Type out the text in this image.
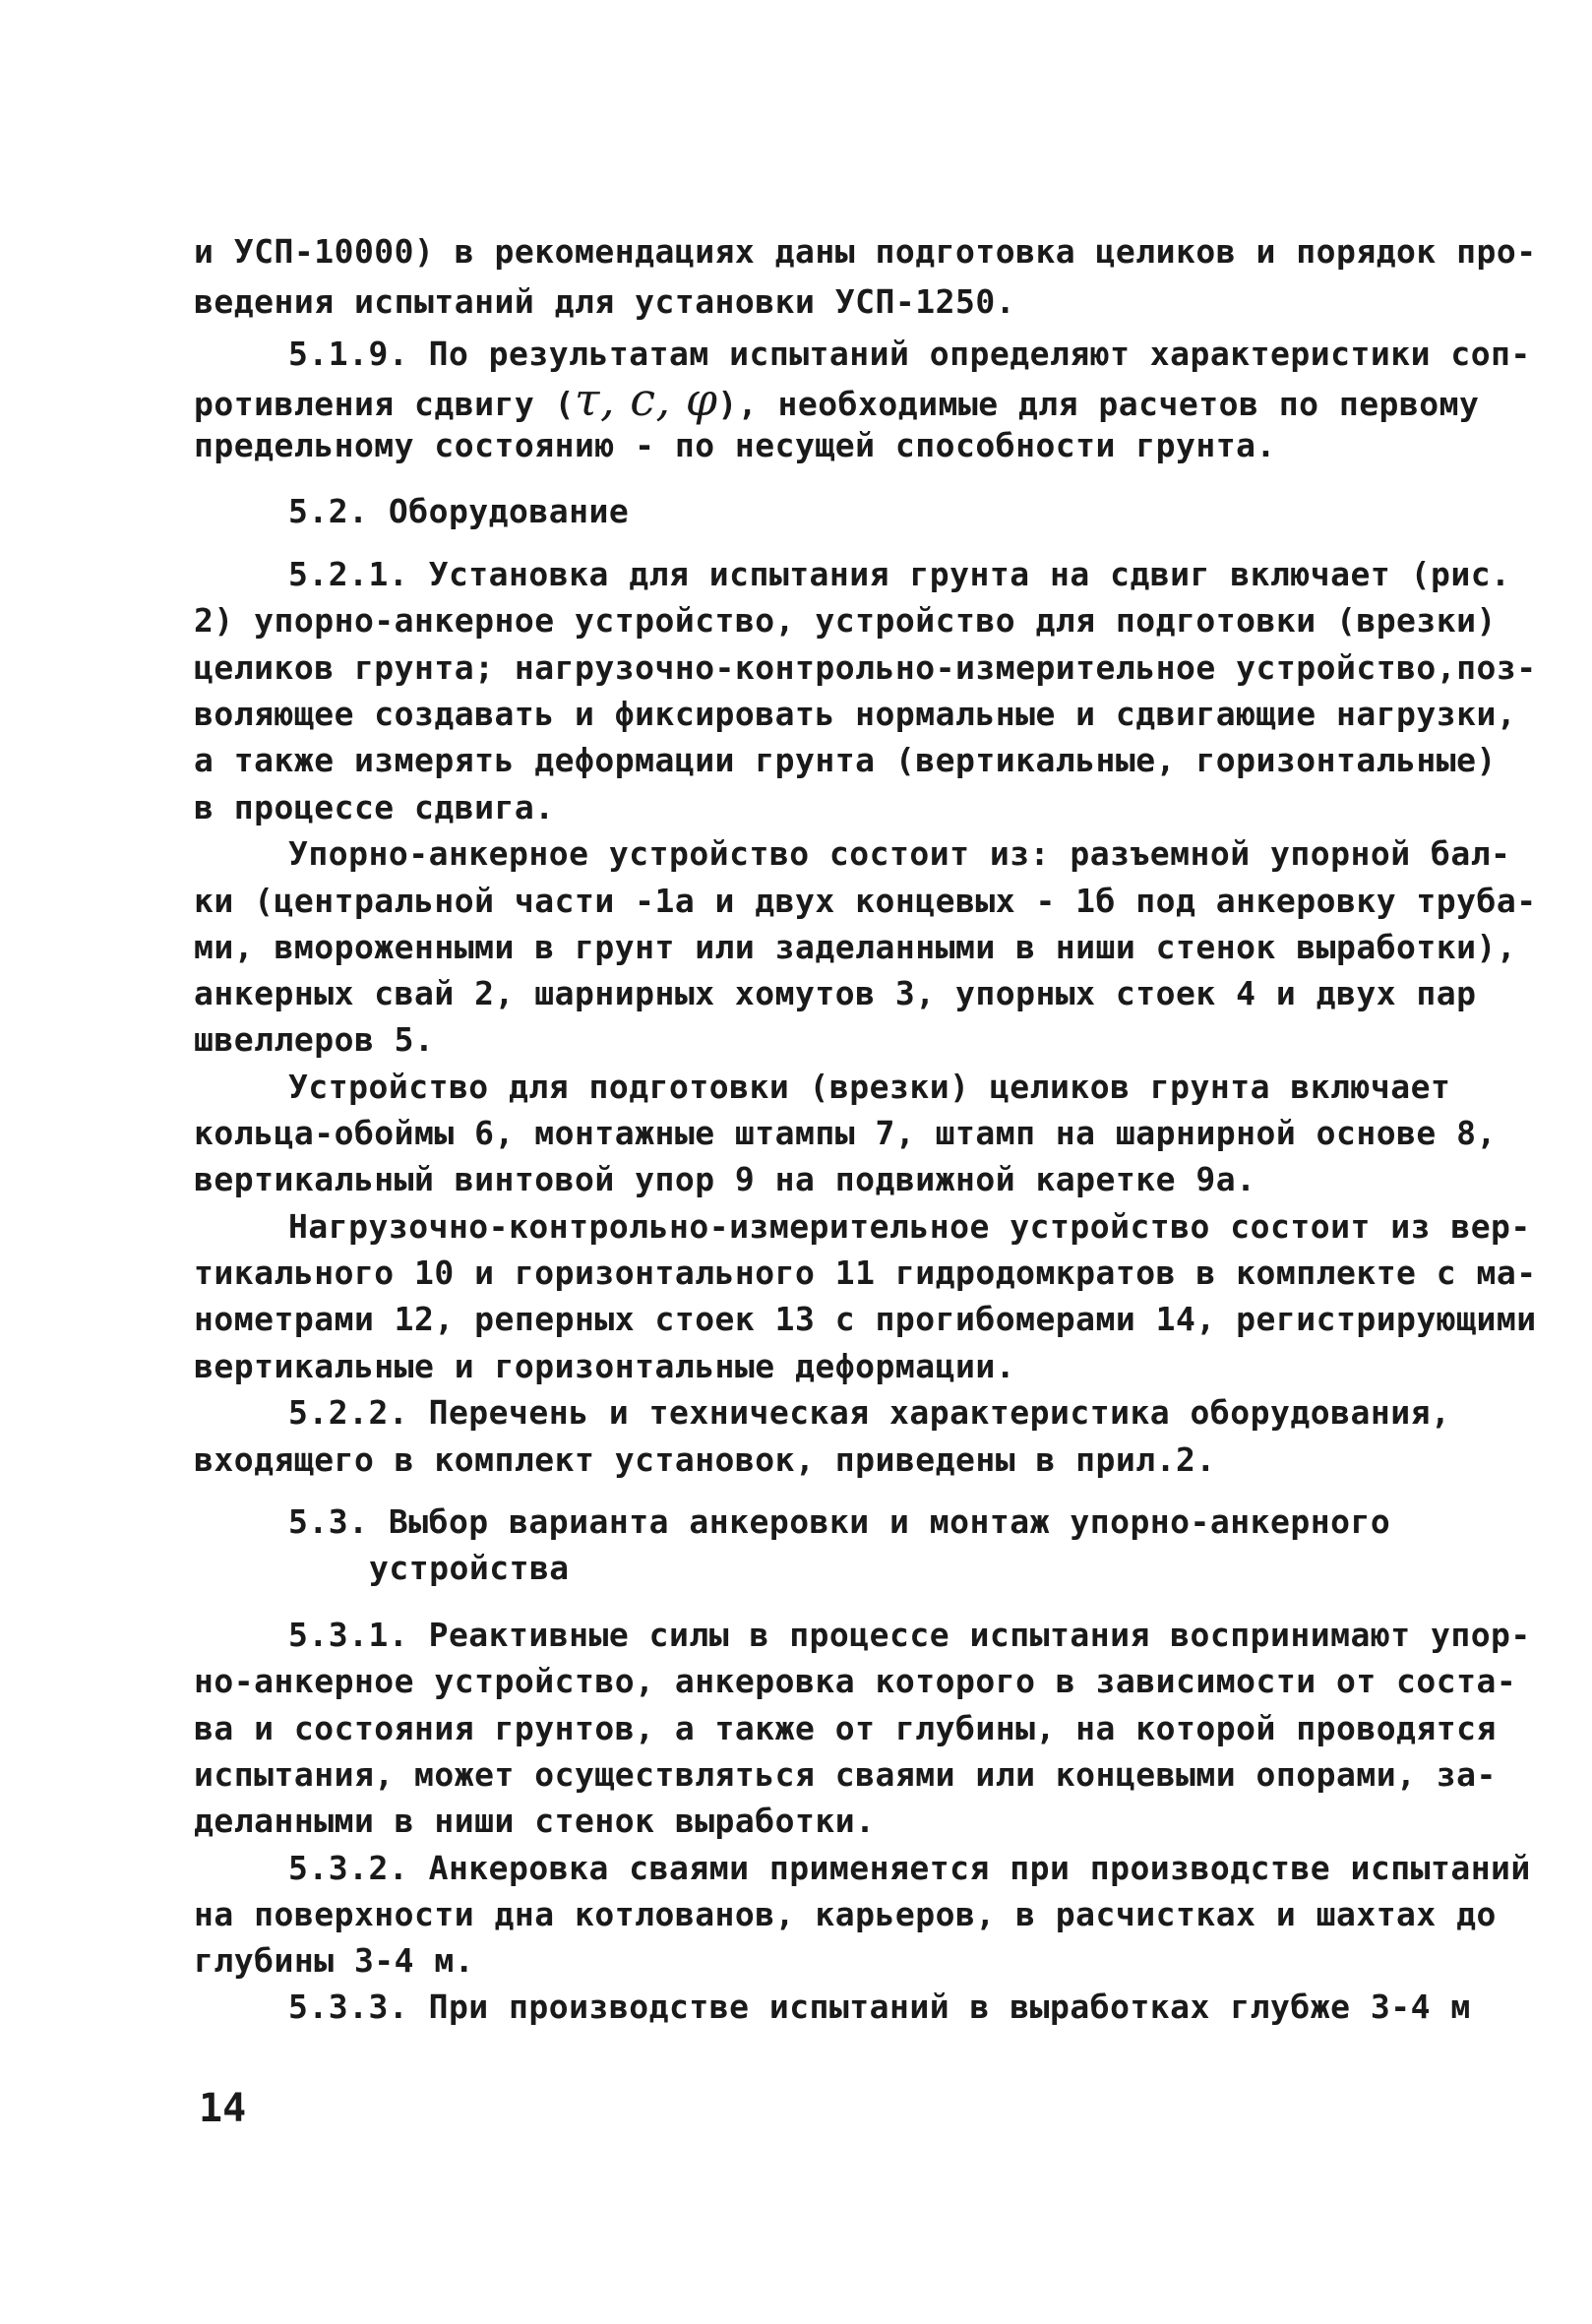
и УСП-10000) в рекомендациях даны подготовка целиков и порядок про-
ведения испытаний для установки УСП-1250.
5.1.9. По результатам испытаний определяют характеристики соп-
ротивления сдвигу (τ, c, φ), необходимые для расчетов по первому
предельному состоянию - по несущей способности грунта.
5.2. Оборудование
5.2.1. Установка для испытания грунта на сдвиг включает (рис.
2) упорно-анкерное устройство, устройство для подготовки (врезки)
целиков грунта; нагрузочно-контрольно-измерительное устройство,поз-
воляющее создавать и фиксировать нормальные и сдвигающие нагрузки,
а также измерять деформации грунта (вертикальные, горизонтальные)
в процессе сдвига.
Упорно-анкерное устройство состоит из: разъемной упорной бал-
ки (центральной части -1а и двух концевых - 1б под анкеровку труба-
ми, вмороженными в грунт или заделанными в ниши стенок выработки),
анкерных свай 2, шарнирных хомутов 3, упорных стоек 4 и двух пар
швеллеров 5.
Устройство для подготовки (врезки) целиков грунта включает
кольца-обоймы 6, монтажные штампы 7, штамп на шарнирной основе 8,
вертикальный винтовой упор 9 на подвижной каретке 9а.
Нагрузочно-контрольно-измерительное устройство состоит из вер-
тикального 10 и горизонтального 11 гидродомкратов в комплекте с ма-
нометрами 12, реперных стоек 13 с прогибомерами 14, регистрирующими
вертикальные и горизонтальные деформации.
5.2.2. Перечень и техническая характеристика оборудования,
входящего в комплект установок, приведены в прил.2.
5.3. Выбор варианта анкеровки и монтаж упорно-анкерного
устройства
5.3.1. Реактивные силы в процессе испытания воспринимают упор-
но-анкерное устройство, анкеровка которого в зависимости от соста-
ва и состояния грунтов, а также от глубины, на которой проводятся
испытания, может осуществляться сваями или концевыми опорами, за-
деланными в ниши стенок выработки.
5.3.2. Анкеровка сваями применяется при производстве испытаний
на поверхности дна котлованов, карьеров, в расчистках и шахтах до
глубины 3-4 м.
5.3.3. При производстве испытаний в выработках глубже 3-4 м
14
